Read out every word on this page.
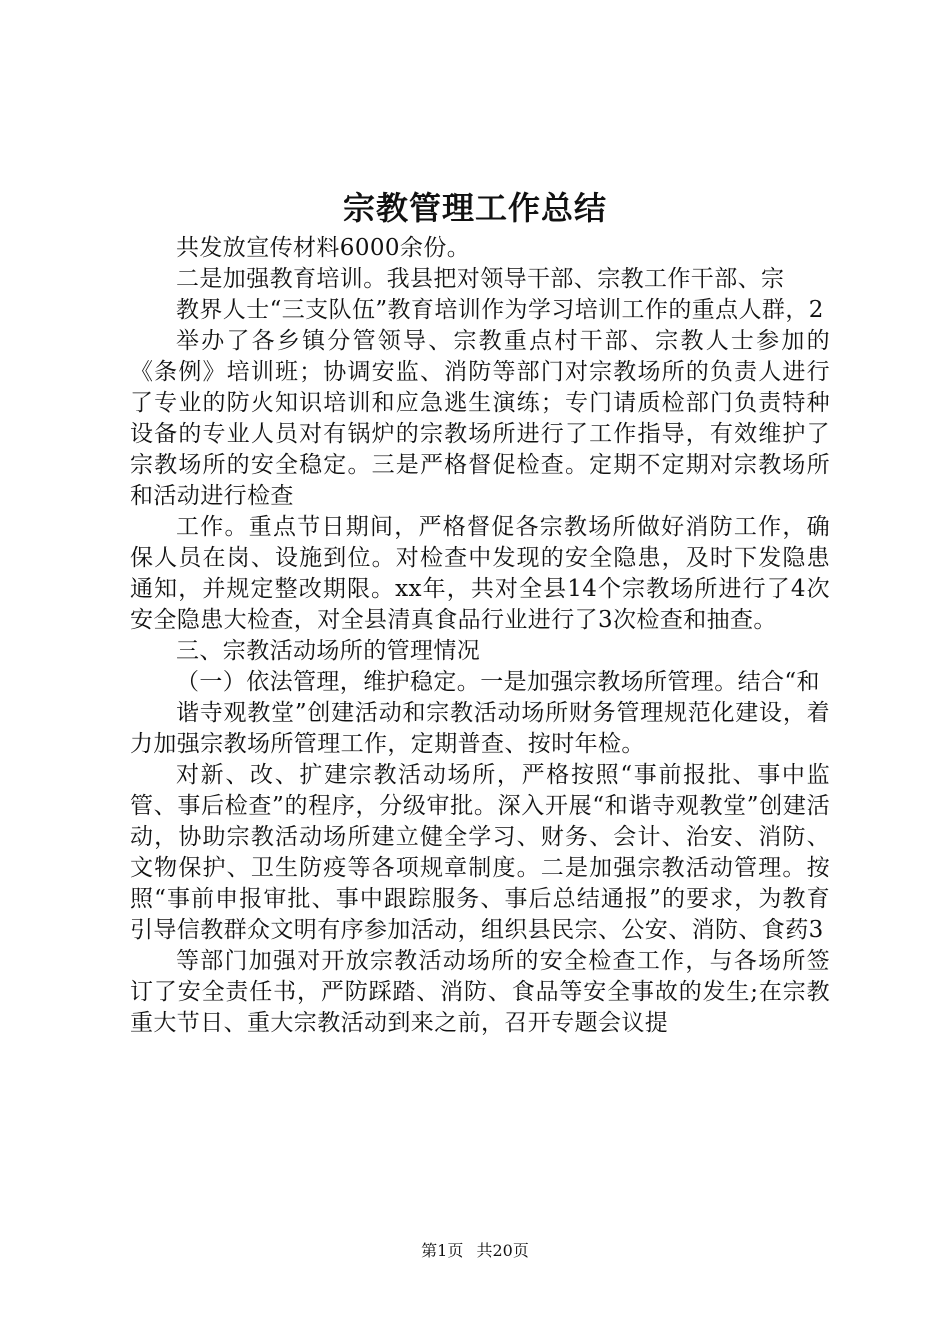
宗教管理工作总结

共发放宣传材料6000余份。

二是加强教育培训。我县把对领导干部、宗教工作干部、宗

教界人士“三支队伍”教育培训作为学习培训工作的重点人群，2

举办了各乡镇分管领导、宗教重点村干部、宗教人士参加的《条例》培训班；协调安监、消防等部门对宗教场所的负责人进行了专业的防火知识培训和应急逃生演练；专门请质检部门负责特种设备的专业人员对有锅炉的宗教场所进行了工作指导，有效维护了宗教场所的安全稳定。三是严格督促检查。定期不定期对宗教场所和活动进行检查

工作。重点节日期间，严格督促各宗教场所做好消防工作，确保人员在岗、设施到位。对检查中发现的安全隐患，及时下发隐患通知，并规定整改期限。xx年，共对全县14个宗教场所进行了4次安全隐患大检查，对全县清真食品行业进行了3次检查和抽查。

三、宗教活动场所的管理情况

（一）依法管理，维护稳定。一是加强宗教场所管理。结合“和

谐寺观教堂”创建活动和宗教活动场所财务管理规范化建设，着力加强宗教场所管理工作，定期普查、按时年检。

对新、改、扩建宗教活动场所，严格按照“事前报批、事中监管、事后检查”的程序，分级审批。深入开展“和谐寺观教堂”创建活动，协助宗教活动场所建立健全学习、财务、会计、治安、消防、文物保护、卫生防疫等各项规章制度。二是加强宗教活动管理。按照“事前申报审批、事中跟踪服务、事后总结通报”的要求，为教育引导信教群众文明有序参加活动，组织县民宗、公安、消防、食药3

等部门加强对开放宗教活动场所的安全检查工作，与各场所签订了安全责任书，严防踩踏、消防、食品等安全事故的发生;在宗教重大节日、重大宗教活动到来之前，召开专题会议提

第1页 共20页
